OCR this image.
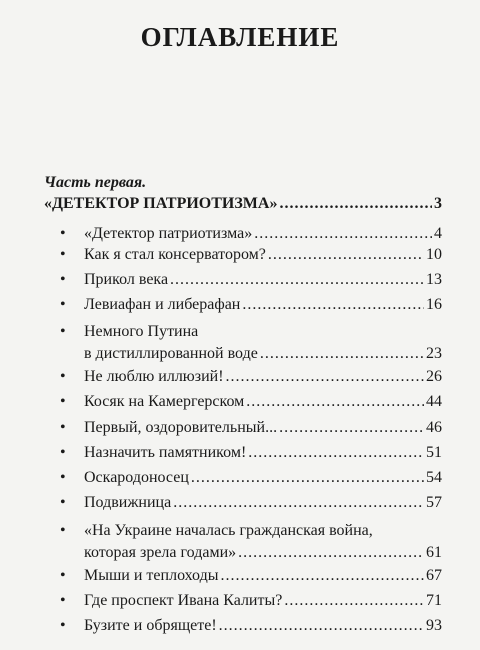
ОГЛАВЛЕНИЕ
Часть первая.
«ДЕТЕКТОР ПАТРИОТИЗМА» .....	3
• «Детектор патриотизма» .....	4
• Как я стал консерватором? .....	10
• Прикол века .....	13
• Левиафан и либерафан .....	16
• Немного Путина
в дистиллированной воде .....	23
• Не люблю иллюзий! .....	26
• Косяк на Камергерском .....	44
• Первый, оздоровительный... .....	46
• Назначить памятником! .....	51
• Оскародоносец .....	54
• Подвижница .....	57
• «На Украине началась гражданская война,
которая зрела годами» .....	61
• Мыши и теплоходы .....	67
• Где проспект Ивана Калиты? .....	71
• Бузите и обрящете! .....	93
